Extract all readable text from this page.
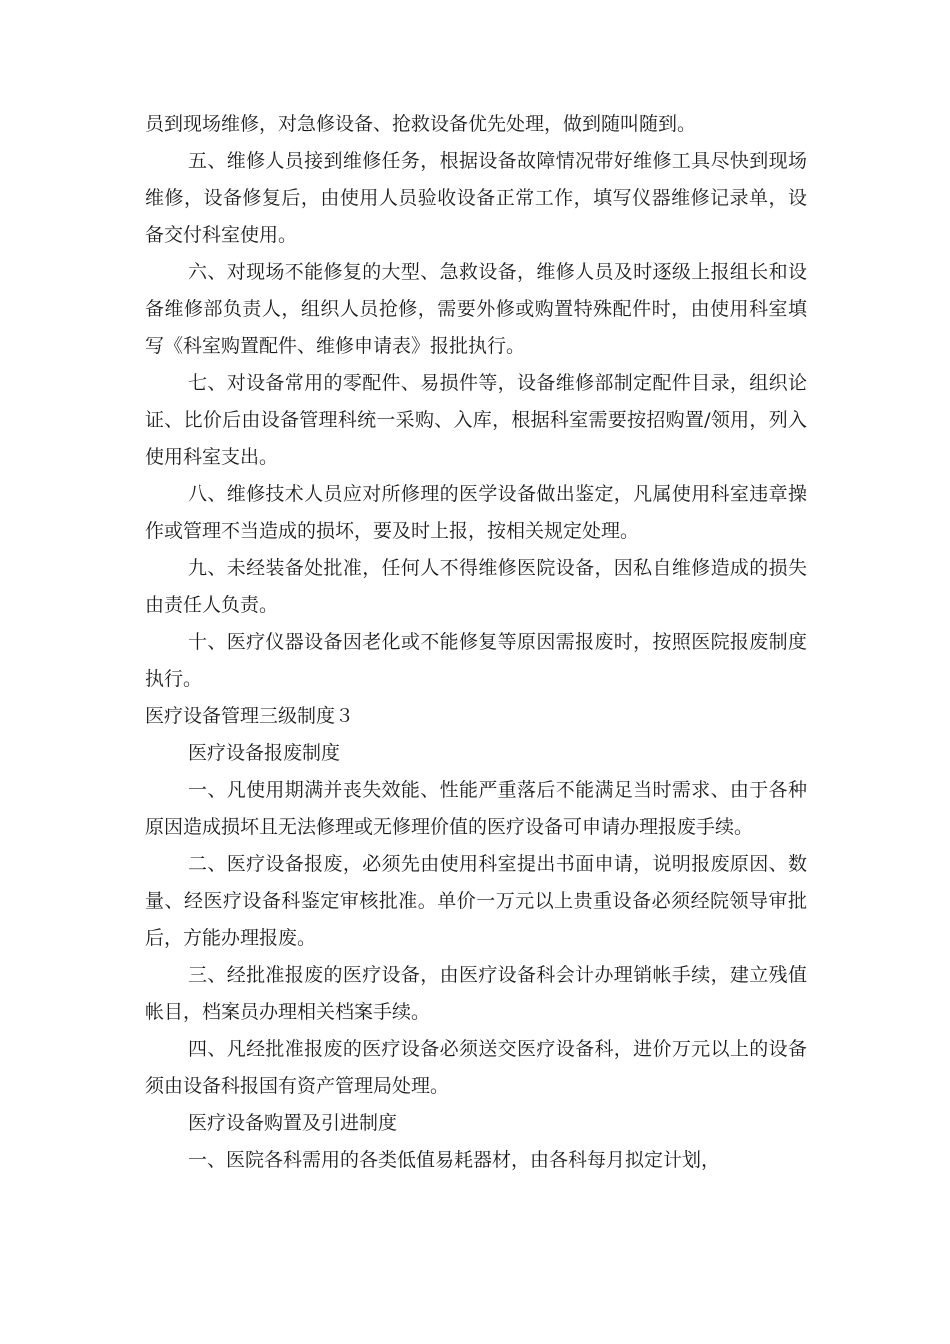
员到现场维修，对急修设备、抢救设备优先处理，做到随叫随到。

五、维修人员接到维修任务，根据设备故障情况带好维修工具尽快到现场维修，设备修复后，由使用人员验收设备正常工作，填写仪器维修记录单，设备交付科室使用。

六、对现场不能修复的大型、急救设备，维修人员及时逐级上报组长和设备维修部负责人，组织人员抢修，需要外修或购置特殊配件时，由使用科室填写《科室购置配件、维修申请表》报批执行。

七、对设备常用的零配件、易损件等，设备维修部制定配件目录，组织论证、比价后由设备管理科统一采购、入库，根据科室需要按招购置/领用，列入使用科室支出。

八、维修技术人员应对所修理的医学设备做出鉴定，凡属使用科室违章操作或管理不当造成的损坏，要及时上报，按相关规定处理。

九、未经装备处批准，任何人不得维修医院设备，因私自维修造成的损失由责任人负责。

十、医疗仪器设备因老化或不能修复等原因需报废时，按照医院报废制度执行。

医疗设备管理三级制度３
医疗设备报废制度

一、凡使用期满并丧失效能、性能严重落后不能满足当时需求、由于各种原因造成损坏且无法修理或无修理价值的医疗设备可申请办理报废手续。

二、医疗设备报废，必须先由使用科室提出书面申请，说明报废原因、数量、经医疗设备科鉴定审核批准。单价一万元以上贵重设备必须经院领导审批后，方能办理报废。

三、经批准报废的医疗设备，由医疗设备科会计办理销帐手续，建立残值帐目，档案员办理相关档案手续。

四、凡经批准报废的医疗设备必须送交医疗设备科，进价万元以上的设备须由设备科报国有资产管理局处理。

医疗设备购置及引进制度

一、医院各科需用的各类低值易耗器材，由各科每月拟定计划，
